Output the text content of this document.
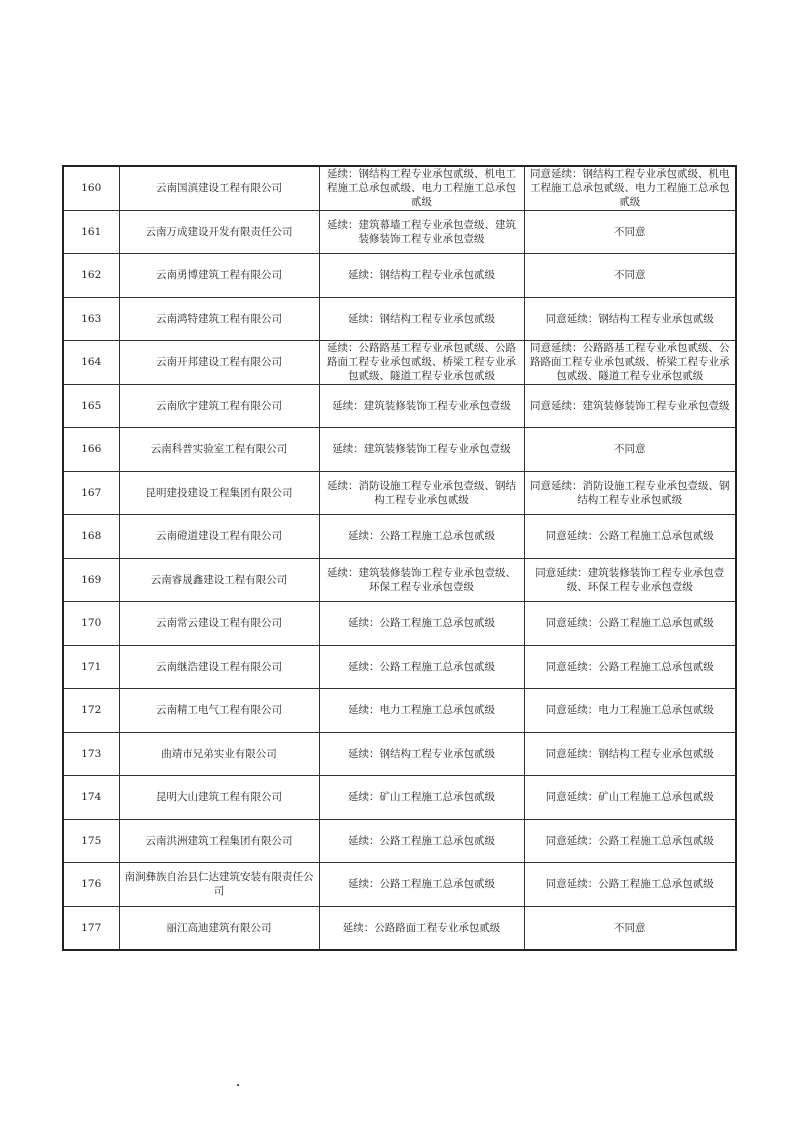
160	云南国滇建设工程有限公司	延续：钢结构工程专业承包贰级、机电工程施工总承包贰级、电力工程施工总承包贰级	同意延续：钢结构工程专业承包贰级、机电工程施工总承包贰级、电力工程施工总承包贰级
161	云南万成建设开发有限责任公司	延续：建筑幕墙工程专业承包壹级、建筑装修装饰工程专业承包壹级	不同意
162	云南勇博建筑工程有限公司	延续：钢结构工程专业承包贰级	不同意
163	云南鸿特建筑工程有限公司	延续：钢结构工程专业承包贰级	同意延续：钢结构工程专业承包贰级
164	云南开邦建设工程有限公司	延续：公路路基工程专业承包贰级、公路路面工程专业承包贰级、桥梁工程专业承包贰级、隧道工程专业承包贰级	同意延续：公路路基工程专业承包贰级、公路路面工程专业承包贰级、桥梁工程专业承包贰级、隧道工程专业承包贰级
165	云南欣宇建筑工程有限公司	延续：建筑装修装饰工程专业承包壹级	同意延续：建筑装修装饰工程专业承包壹级
166	云南科普实验室工程有限公司	延续：建筑装修装饰工程专业承包壹级	不同意
167	昆明建投建设工程集团有限公司	延续：消防设施工程专业承包壹级、钢结构工程专业承包贰级	同意延续：消防设施工程专业承包壹级、钢结构工程专业承包贰级
168	云南磴道建设工程有限公司	延续：公路工程施工总承包贰级	同意延续：公路工程施工总承包贰级
169	云南睿晟鑫建设工程有限公司	延续：建筑装修装饰工程专业承包壹级、环保工程专业承包壹级	同意延续：建筑装修装饰工程专业承包壹级、环保工程专业承包壹级
170	云南常云建设工程有限公司	延续：公路工程施工总承包贰级	同意延续：公路工程施工总承包贰级
171	云南继浩建设工程有限公司	延续：公路工程施工总承包贰级	同意延续：公路工程施工总承包贰级
172	云南精工电气工程有限公司	延续：电力工程施工总承包贰级	同意延续：电力工程施工总承包贰级
173	曲靖市兄弟实业有限公司	延续：钢结构工程专业承包贰级	同意延续：钢结构工程专业承包贰级
174	昆明大山建筑工程有限公司	延续：矿山工程施工总承包贰级	同意延续：矿山工程施工总承包贰级
175	云南洪洲建筑工程集团有限公司	延续：公路工程施工总承包贰级	同意延续：公路工程施工总承包贰级
176	南涧彝族自治县仁达建筑安装有限责任公司	延续：公路工程施工总承包贰级	同意延续：公路工程施工总承包贰级
177	丽江高迪建筑有限公司	延续：公路路面工程专业承包贰级	不同意
